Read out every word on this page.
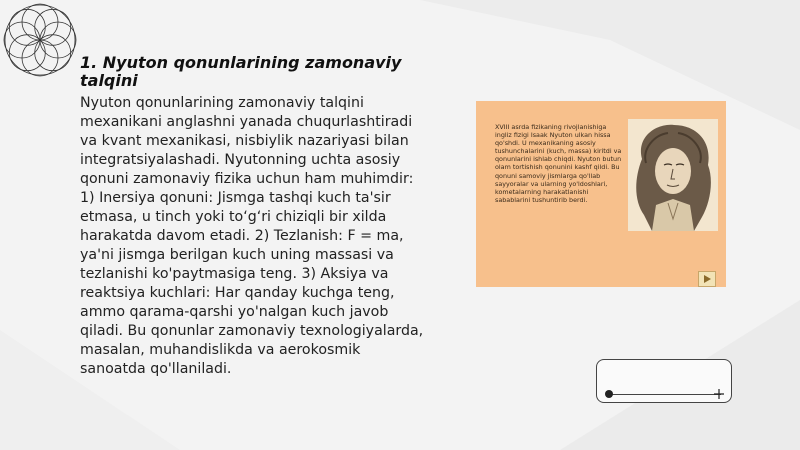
1. Nyuton qonunlarining zamonaviy talqini

Nyuton qonunlarining zamonaviy talqini mexanikani anglashni yanada chuqurlashtiradi va kvant mexanikasi, nisbiylik nazariyasi bilan integratsiyalashadi. Nyutonning uchta asosiy qonuni zamonaviy fizika uchun ham muhimdir: 1) Inersiya qonuni: Jismga tashqi kuch ta'sir etmasa, u tinch yoki to‘g‘ri chiziqli bir xilda harakatda davom etadi. 2) Tezlanish: F = ma, ya'ni jismga berilgan kuch uning massasi va tezlanishi ko'paytmasiga teng. 3) Aksiya va reaktsiya kuchlari: Har qanday kuchga teng, ammo qarama-qarshi yo'nalgan kuch javob qiladi. Bu qonunlar zamonaviy texnologiyalarda, masalan, muhandislikda va aerokosmik sanoatda qo'llaniladi.

XVIII asrda fizikaning rivojlanishiga ingliz fizigi Isaak Nyuton ulkan hissa qo'shdi. U mexanikaning asosiy tushunchalarini (kuch, massa) kiritdi va qonunlarini ishlab chiqdi. Nyuton butun olam tortishish qonunini kashf qildi. Bu qonuni samoviy jismlarga qo'llab sayyoralar va ularning yo'ldoshlari, kometalarning harakatlanishi sabablarini tushuntirib berdi.
